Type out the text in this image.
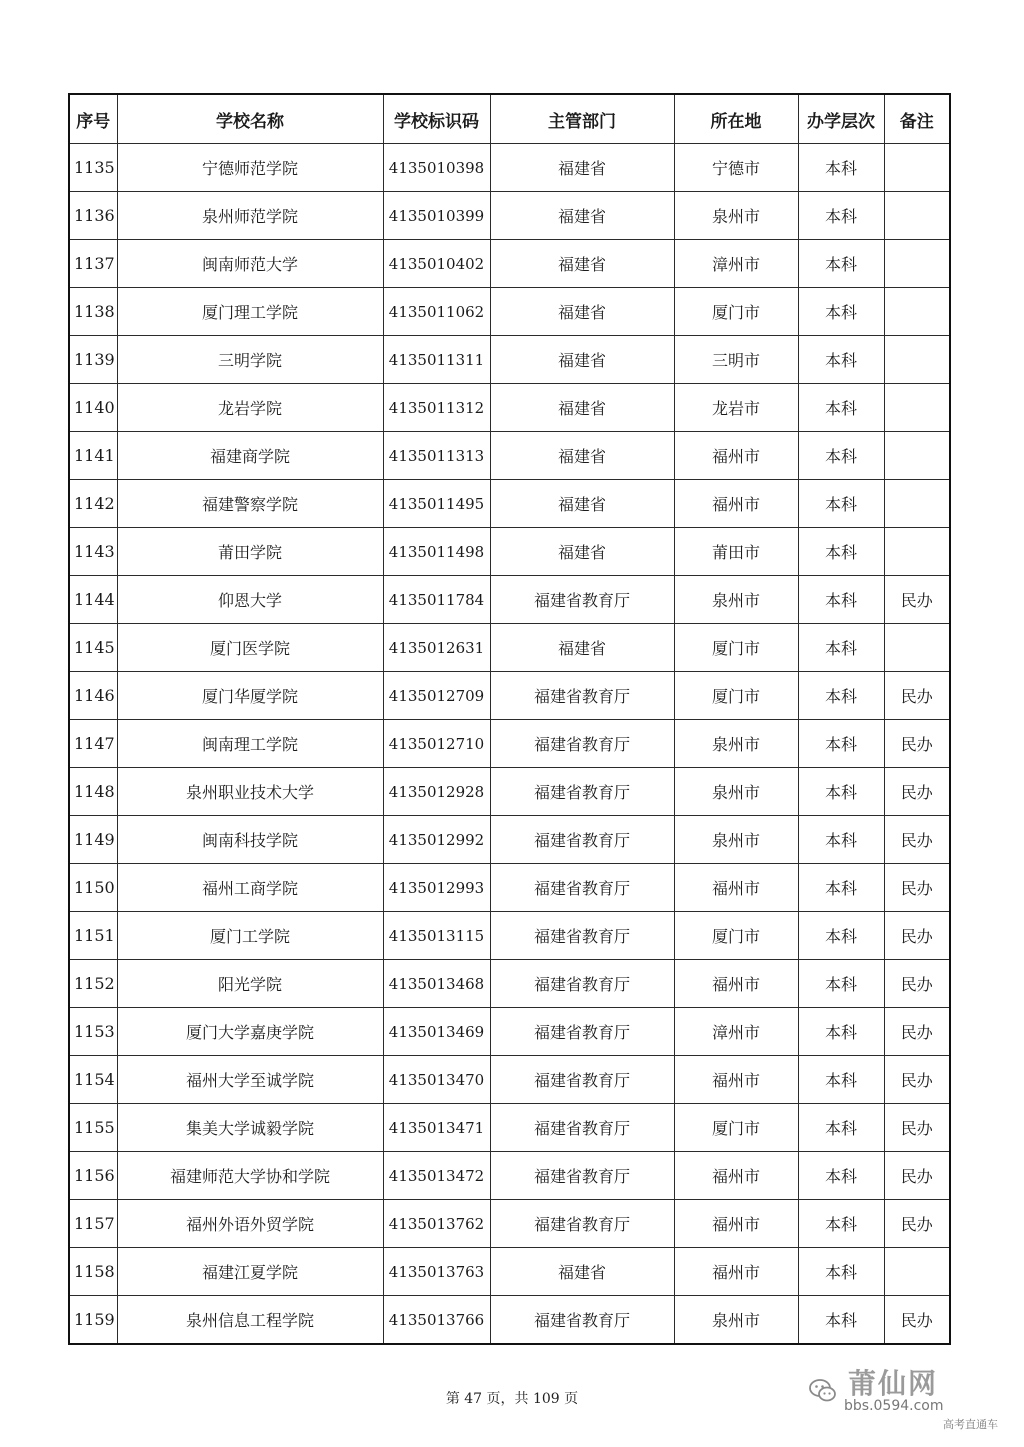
序号	学校名称	学校标识码	主管部门	所在地	办学层次	备注
1135	宁德师范学院	4135010398	福建省	宁德市	本科	
1136	泉州师范学院	4135010399	福建省	泉州市	本科	
1137	闽南师范大学	4135010402	福建省	漳州市	本科	
1138	厦门理工学院	4135011062	福建省	厦门市	本科	
1139	三明学院	4135011311	福建省	三明市	本科	
1140	龙岩学院	4135011312	福建省	龙岩市	本科	
1141	福建商学院	4135011313	福建省	福州市	本科	
1142	福建警察学院	4135011495	福建省	福州市	本科	
1143	莆田学院	4135011498	福建省	莆田市	本科	
1144	仰恩大学	4135011784	福建省教育厅	泉州市	本科	民办
1145	厦门医学院	4135012631	福建省	厦门市	本科	
1146	厦门华厦学院	4135012709	福建省教育厅	厦门市	本科	民办
1147	闽南理工学院	4135012710	福建省教育厅	泉州市	本科	民办
1148	泉州职业技术大学	4135012928	福建省教育厅	泉州市	本科	民办
1149	闽南科技学院	4135012992	福建省教育厅	泉州市	本科	民办
1150	福州工商学院	4135012993	福建省教育厅	福州市	本科	民办
1151	厦门工学院	4135013115	福建省教育厅	厦门市	本科	民办
1152	阳光学院	4135013468	福建省教育厅	福州市	本科	民办
1153	厦门大学嘉庚学院	4135013469	福建省教育厅	漳州市	本科	民办
1154	福州大学至诚学院	4135013470	福建省教育厅	福州市	本科	民办
1155	集美大学诚毅学院	4135013471	福建省教育厅	厦门市	本科	民办
1156	福建师范大学协和学院	4135013472	福建省教育厅	福州市	本科	民办
1157	福州外语外贸学院	4135013762	福建省教育厅	福州市	本科	民办
1158	福建江夏学院	4135013763	福建省	福州市	本科	
1159	泉州信息工程学院	4135013766	福建省教育厅	泉州市	本科	民办
第 47 页，共 109 页	莆仙网
bbs.0594.com
高考直通车
